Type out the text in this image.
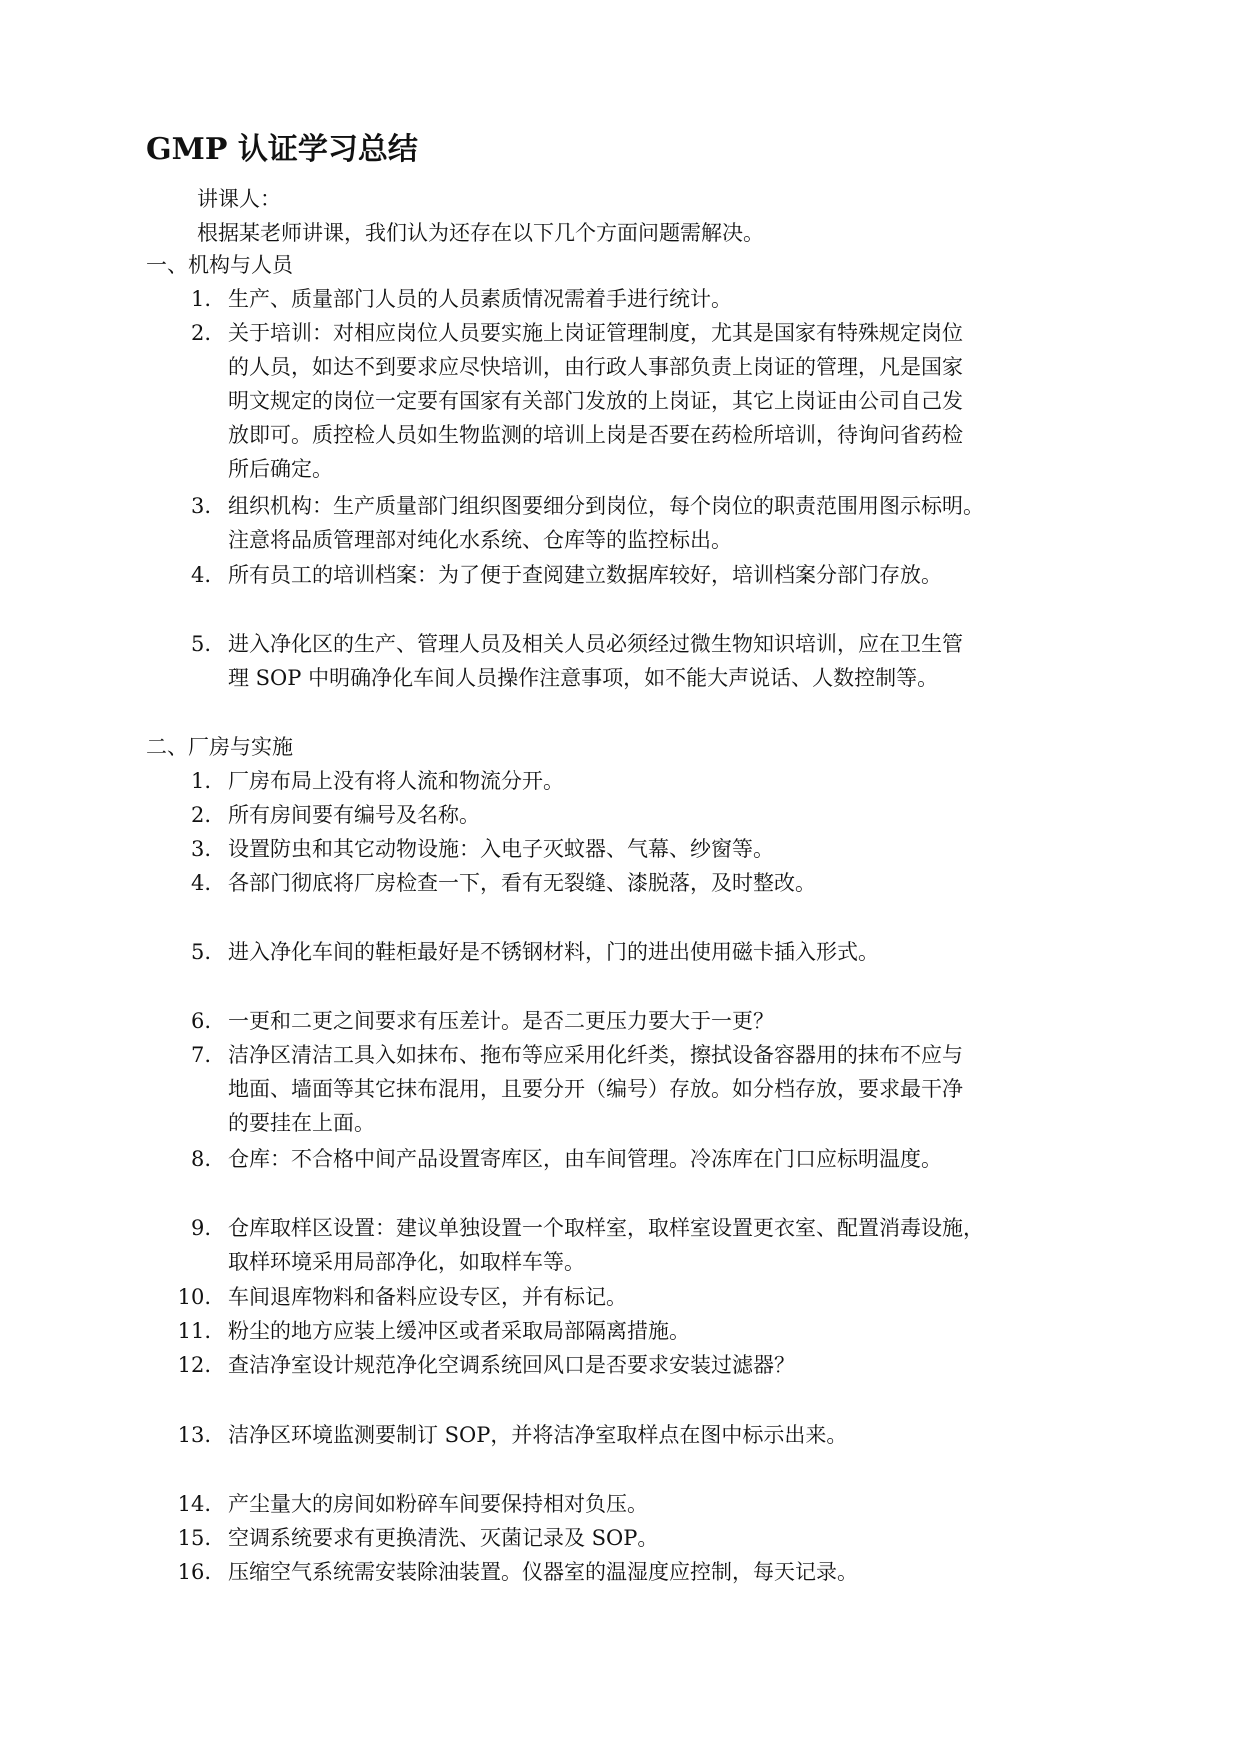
GMP 认证学习总结
讲课人：
根据某老师讲课，我们认为还存在以下几个方面问题需解决。
一、机构与人员
1. 生产、质量部门人员的人员素质情况需着手进行统计。
2. 关于培训：对相应岗位人员要实施上岗证管理制度，尤其是国家有特殊规定岗位
的人员，如达不到要求应尽快培训，由行政人事部负责上岗证的管理，凡是国家
明文规定的岗位一定要有国家有关部门发放的上岗证，其它上岗证由公司自己发
放即可。质控检人员如生物监测的培训上岗是否要在药检所培训，待询问省药检
所后确定。
3. 组织机构：生产质量部门组织图要细分到岗位，每个岗位的职责范围用图示标明。
注意将品质管理部对纯化水系统、仓库等的监控标出。
4. 所有员工的培训档案：为了便于查阅建立数据库较好，培训档案分部门存放。
5. 进入净化区的生产、管理人员及相关人员必须经过微生物知识培训，应在卫生管
理 SOP 中明确净化车间人员操作注意事项，如不能大声说话、人数控制等。
二、厂房与实施
1. 厂房布局上没有将人流和物流分开。
2. 所有房间要有编号及名称。
3. 设置防虫和其它动物设施：入电子灭蚊器、气幕、纱窗等。
4. 各部门彻底将厂房检查一下，看有无裂缝、漆脱落，及时整改。
5. 进入净化车间的鞋柜最好是不锈钢材料，门的进出使用磁卡插入形式。
6. 一更和二更之间要求有压差计。是否二更压力要大于一更？
7. 洁净区清洁工具入如抹布、拖布等应采用化纤类，擦拭设备容器用的抹布不应与
地面、墙面等其它抹布混用，且要分开（编号）存放。如分档存放，要求最干净
的要挂在上面。
8. 仓库：不合格中间产品设置寄库区，由车间管理。冷冻库在门口应标明温度。
9. 仓库取样区设置：建议单独设置一个取样室，取样室设置更衣室、配置消毒设施，
取样环境采用局部净化，如取样车等。
10. 车间退库物料和备料应设专区，并有标记。
11. 粉尘的地方应装上缓冲区或者采取局部隔离措施。
12. 查洁净室设计规范净化空调系统回风口是否要求安装过滤器？
13. 洁净区环境监测要制订 SOP，并将洁净室取样点在图中标示出来。
14. 产尘量大的房间如粉碎车间要保持相对负压。
15. 空调系统要求有更换清洗、灭菌记录及 SOP。
16. 压缩空气系统需安装除油装置。仪器室的温湿度应控制，每天记录。
